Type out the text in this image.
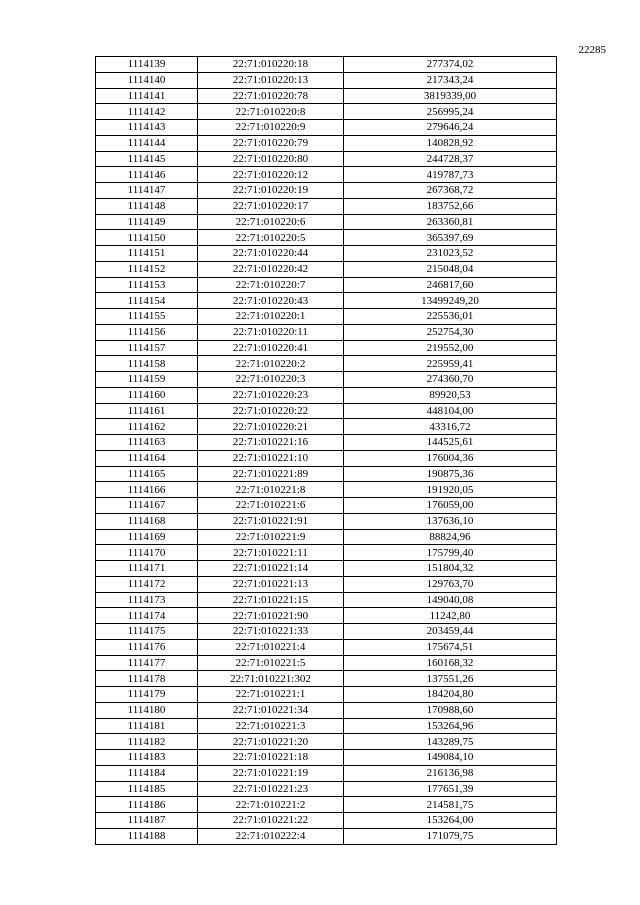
22285
1114139	22:71:010220:18	277374,02
1114140	22:71:010220:13	217343,24
1114141	22:71:010220:78	3819339,00
1114142	22:71:010220:8	256995,24
1114143	22:71:010220:9	279646,24
1114144	22:71:010220:79	140828,92
1114145	22:71:010220:80	244728,37
1114146	22:71:010220:12	419787,73
1114147	22:71:010220:19	267368,72
1114148	22:71:010220:17	183752,66
1114149	22:71:010220:6	263360,81
1114150	22:71:010220:5	365397,69
1114151	22:71:010220:44	231023,52
1114152	22:71:010220:42	215048,04
1114153	22:71:010220:7	246817,60
1114154	22:71:010220:43	13499249,20
1114155	22:71:010220:1	225536,01
1114156	22:71:010220:11	252754,30
1114157	22:71:010220:41	219552,00
1114158	22:71:010220:2	225959,41
1114159	22:71:010220:3	274360,70
1114160	22:71:010220:23	89920,53
1114161	22:71:010220:22	448104,00
1114162	22:71:010220:21	43316,72
1114163	22:71:010221:16	144525,61
1114164	22:71:010221:10	176004,36
1114165	22:71:010221:89	190875,36
1114166	22:71:010221:8	191920,05
1114167	22:71:010221:6	176059,00
1114168	22:71:010221:91	137636,10
1114169	22:71:010221:9	88824,96
1114170	22:71:010221:11	175799,40
1114171	22:71:010221:14	151804,32
1114172	22:71:010221:13	129763,70
1114173	22:71:010221:15	149040,08
1114174	22:71:010221:90	11242,80
1114175	22:71:010221:33	203459,44
1114176	22:71:010221:4	175674,51
1114177	22:71:010221:5	160168,32
1114178	22:71:010221:302	137551,26
1114179	22:71:010221:1	184204,80
1114180	22:71:010221:34	170988,60
1114181	22:71:010221:3	153264,96
1114182	22:71:010221:20	143289,75
1114183	22:71:010221:18	149084,10
1114184	22:71:010221:19	216136,98
1114185	22:71:010221:23	177651,39
1114186	22:71:010221:2	214581,75
1114187	22:71:010221:22	153264,00
1114188	22:71:010222:4	171079,75
